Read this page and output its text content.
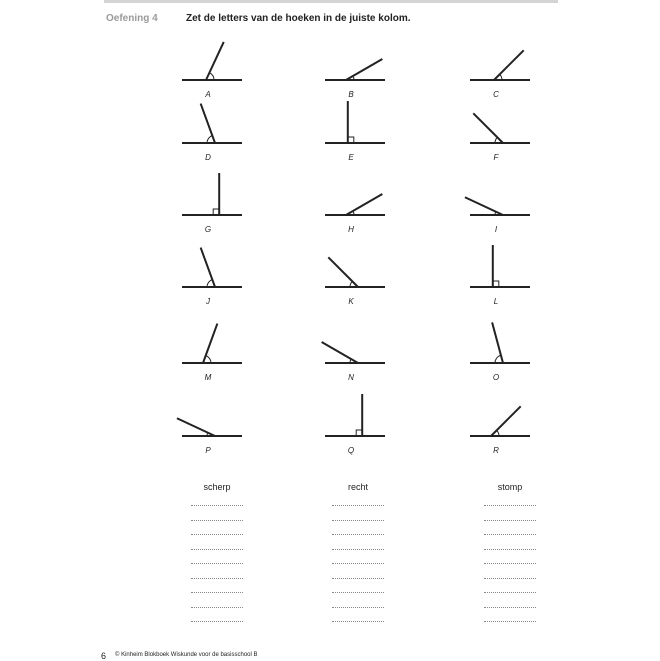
Oefening 4	Zet de letters van de hoeken in de juiste kolom.
A	B	C
D	E	F
G	H	I
J	K	L
M	N	O
P	Q	R
scherp	recht	stomp
6 © Kinheim Blokboek Wiskunde voor de basisschool B
